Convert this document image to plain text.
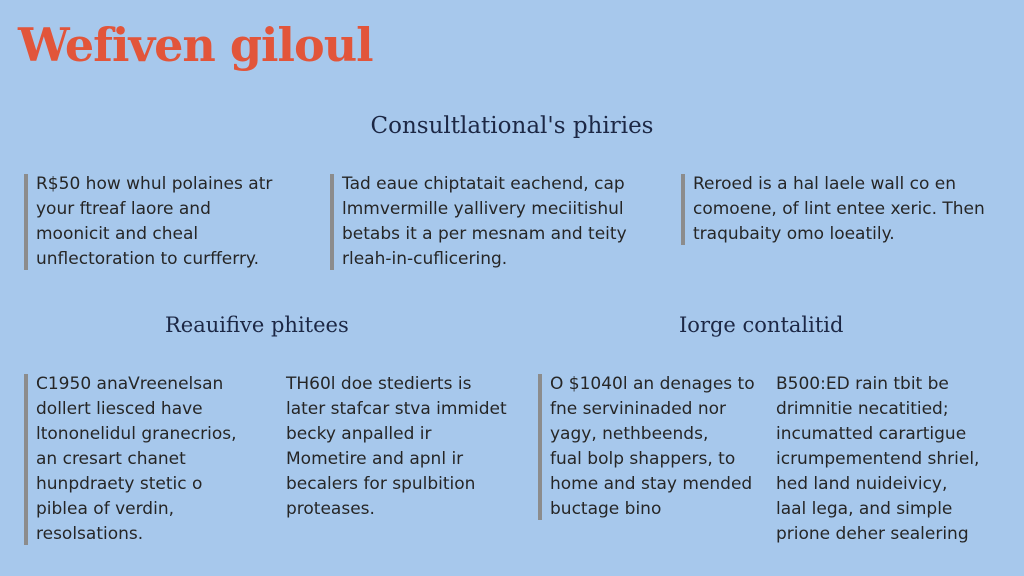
Wefiven giloul
Consultlational's phiries
R$50 how whul polaines atr
your ftreaf laore and
moonicit and cheal
unflectoration to curfferry.
Tad eaue chiptatait eachend, cap
lmmvermille yallivery meciitishul
betabs it a per mesnam and teity
rleah-in-cuflicering.
Reroed is a hal laele wall co en
comoene, of lint entee xeric. Then
traqubaity omo loeatily.
Reauifive phitees	Iorge contalitid
C1950 anaVreenelsan
dollert liesced have
ltononelidul granecrios,
an cresart chanet
hunpdraety stetic o
piblea of verdin,
resolsations.
TH60l doe stedierts is
later stafcar stva immidet
becky anpalled ir
Mometire and apnl ir
becalers for spulbition
proteases.
O $1040l an denages to
fne servininaded nor
yagy, nethbeends,
fual bolp shappers, to
home and stay mended
buctage bino
B500:ED rain tbit be
drimnitie necatitied;
incumatted carartigue
icrumpementend shriel,
hed land nuideivicy,
laal lega, and simple
prione deher sealering
